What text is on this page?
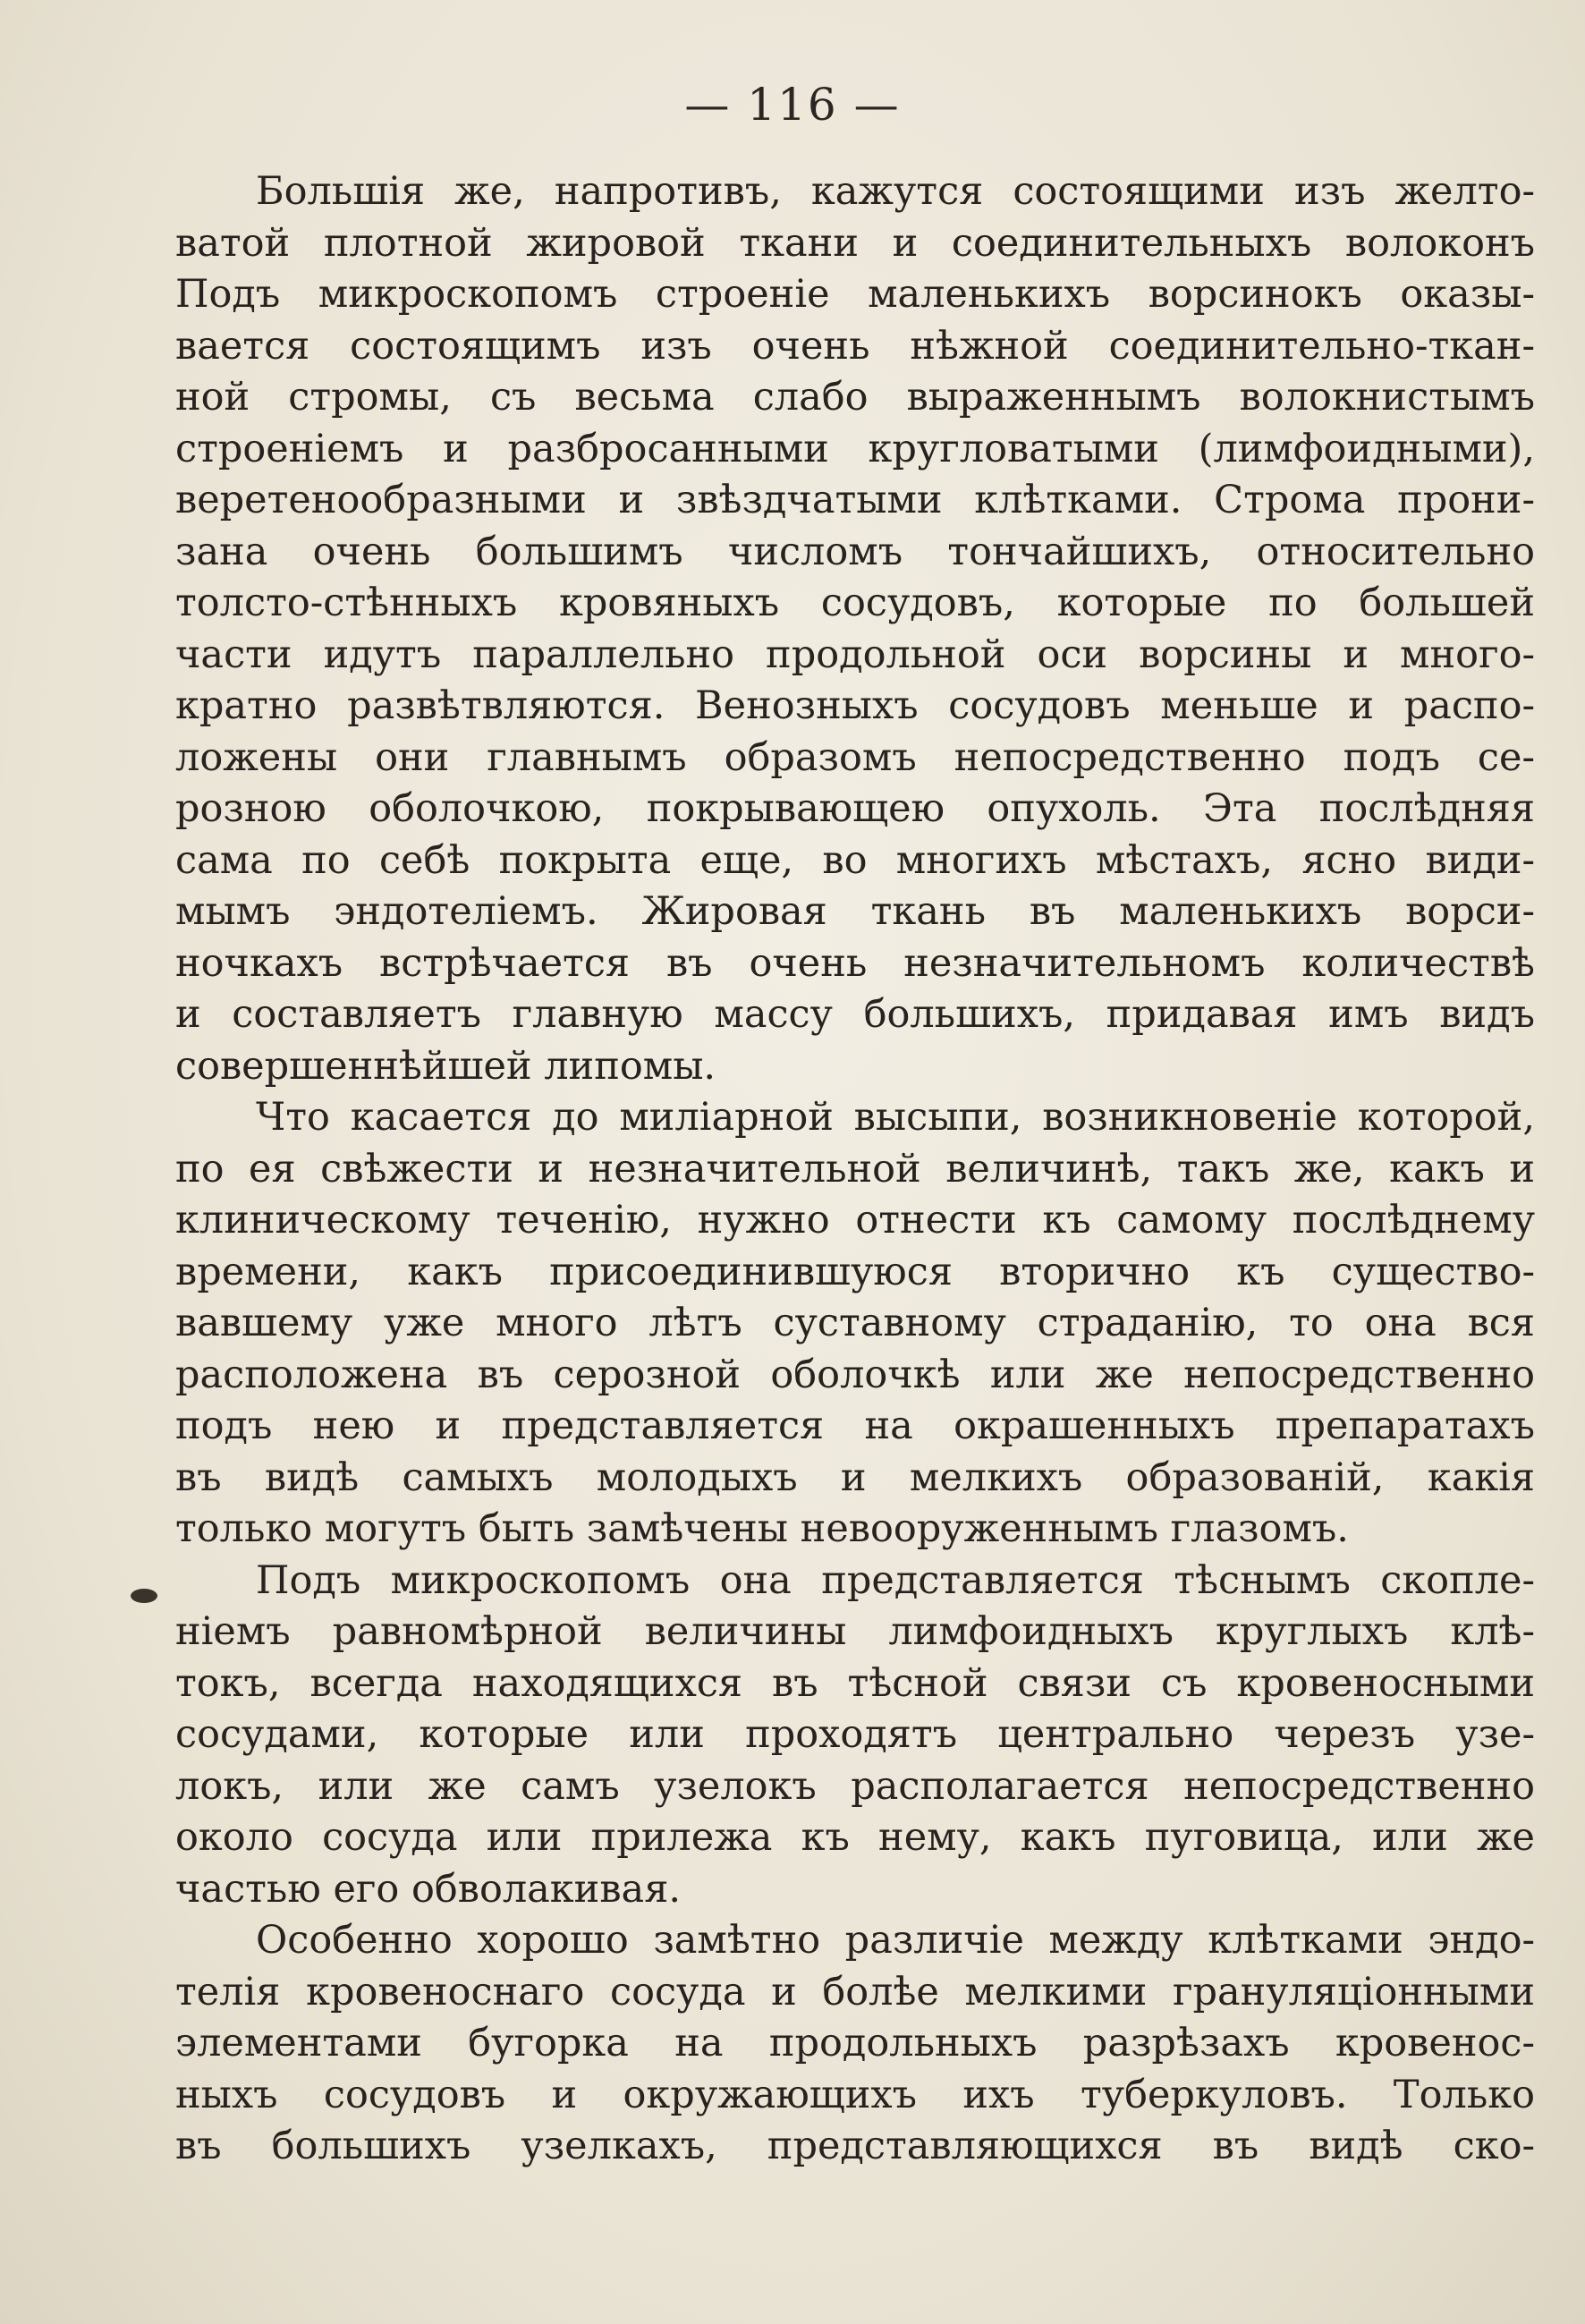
— 116 —
Большія же, напротивъ, кажутся состоящими изъ желто-
ватой плотной жировой ткани и соединительныхъ волоконъ
Подъ микроскопомъ строеніе маленькихъ ворсинокъ оказы-
вается состоящимъ изъ очень нѣжной соединительно-ткан-
ной стромы, съ весьма слабо выраженнымъ волокнистымъ
строеніемъ и разбросанными кругловатыми (лимфоидными),
веретенообразными и звѣздчатыми клѣтками. Строма прони-
зана очень большимъ числомъ тончайшихъ, относительно
толсто-стѣнныхъ кровяныхъ сосудовъ, которые по большей
части идутъ параллельно продольной оси ворсины и много-
кратно развѣтвляются. Венозныхъ сосудовъ меньше и распо-
ложены они главнымъ образомъ непосредственно подъ се-
розною оболочкою, покрывающею опухоль. Эта послѣдняя
сама по себѣ покрыта еще, во многихъ мѣстахъ, ясно види-
мымъ эндотеліемъ. Жировая ткань въ маленькихъ ворси-
ночкахъ встрѣчается въ очень незначительномъ количествѣ
и составляетъ главную массу большихъ, придавая имъ видъ
совершеннѣйшей липомы.
Что касается до миліарной высыпи, возникновеніе которой,
по ея свѣжести и незначительной величинѣ, такъ же, какъ и
клиническому теченію, нужно отнести къ самому послѣднему
времени, какъ присоединившуюся вторично къ существо-
вавшему уже много лѣтъ суставному страданію, то она вся
расположена въ серозной оболочкѣ или же непосредственно
подъ нею и представляется на окрашенныхъ препаратахъ
въ видѣ самыхъ молодыхъ и мелкихъ образованій, какія
только могутъ быть замѣчены невооруженнымъ глазомъ.
Подъ микроскопомъ она представляется тѣснымъ скопле-
ніемъ равномѣрной величины лимфоидныхъ круглыхъ клѣ-
токъ, всегда находящихся въ тѣсной связи съ кровеносными
сосудами, которые или проходятъ центрально черезъ узе-
локъ, или же самъ узелокъ располагается непосредственно
около сосуда или прилежа къ нему, какъ пуговица, или же
частью его обволакивая.
Особенно хорошо замѣтно различіе между клѣтками эндо-
телія кровеноснаго сосуда и болѣе мелкими грануляціонными
элементами бугорка на продольныхъ разрѣзахъ кровенос-
ныхъ сосудовъ и окружающихъ ихъ туберкуловъ. Только
въ большихъ узелкахъ, представляющихся въ видѣ ско-
